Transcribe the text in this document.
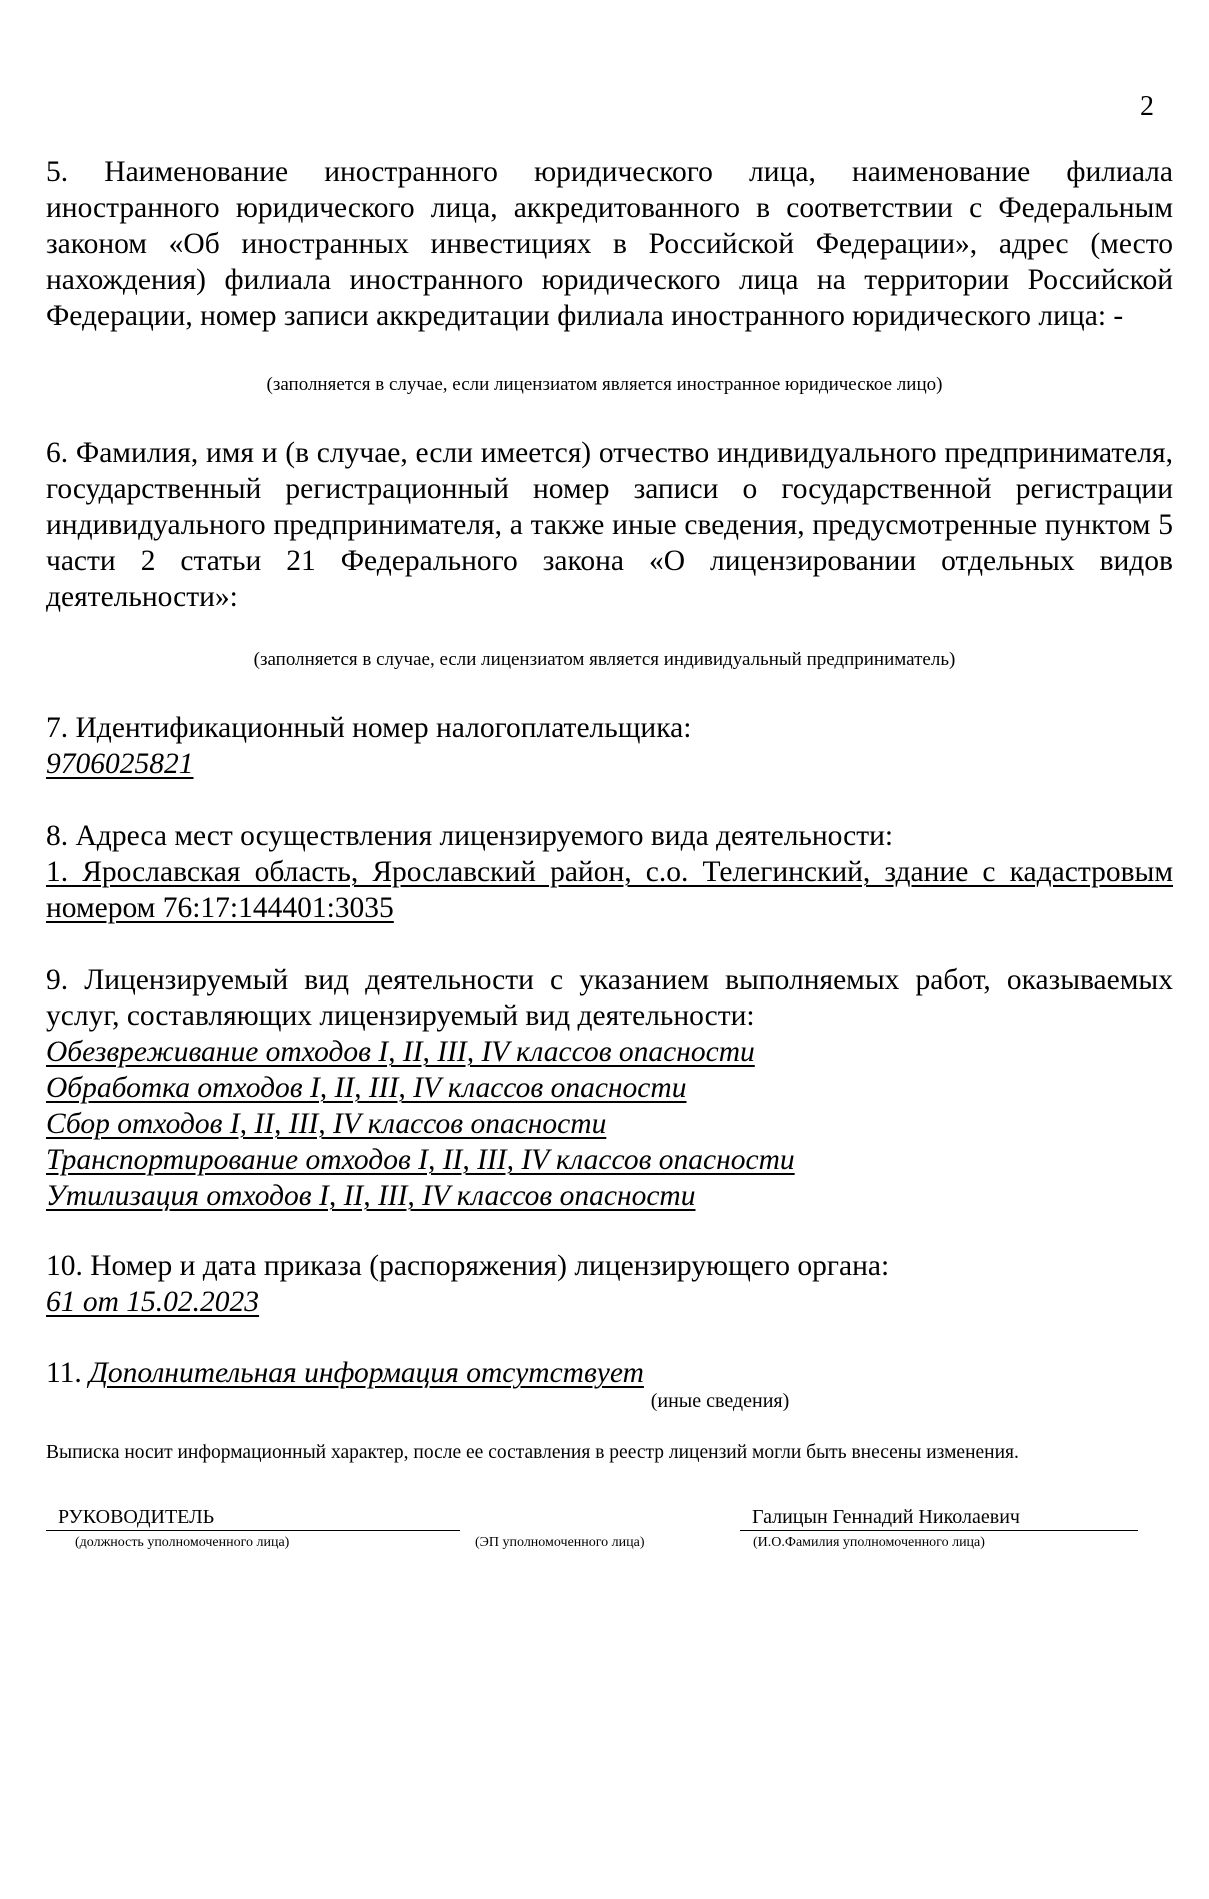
2
5. Наименование иностранного юридического лица, наименование филиала иностранного юридического лица, аккредитованного в соответствии с Федеральным законом «Об иностранных инвестициях в Российской Федерации», адрес (место нахождения) филиала иностранного юридического лица на территории Российской Федерации, номер записи аккредитации филиала иностранного юридического лица: -
(заполняется в случае, если лицензиатом является иностранное юридическое лицо)
6. Фамилия, имя и (в случае, если имеется) отчество индивидуального предпринимателя, государственный регистрационный номер записи о государственной регистрации индивидуального предпринимателя, а также иные сведения, предусмотренные пунктом 5 части 2 статьи 21 Федерального закона «О лицензировании отдельных видов деятельности»:
(заполняется в случае, если лицензиатом является индивидуальный предприниматель)
7. Идентификационный номер налогоплательщика:
9706025821
8. Адреса мест осуществления лицензируемого вида деятельности:
1. Ярославская область, Ярославский район, с.о. Телегинский, здание с кадастровым номером 76:17:144401:3035
9. Лицензируемый вид деятельности с указанием выполняемых работ, оказываемых услуг, составляющих лицензируемый вид деятельности:
Обезвреживание отходов I, II, III, IV классов опасности
Обработка отходов I, II, III, IV классов опасности
Сбор отходов I, II, III, IV классов опасности
Транспортирование отходов I, II, III, IV классов опасности
Утилизация отходов I, II, III, IV классов опасности
10. Номер и дата приказа (распоряжения) лицензирующего органа:
61 от 15.02.2023
11. Дополнительная информация отсутствует
(иные сведения)
Выписка носит информационный характер, после ее составления в реестр лицензий могли быть внесены изменения.
РУКОВОДИТЕЛЬ
(должность уполномоченного лица)	(ЭП уполномоченного лица)
Галицын Геннадий Николаевич
(И.О.Фамилия уполномоченного лица)
